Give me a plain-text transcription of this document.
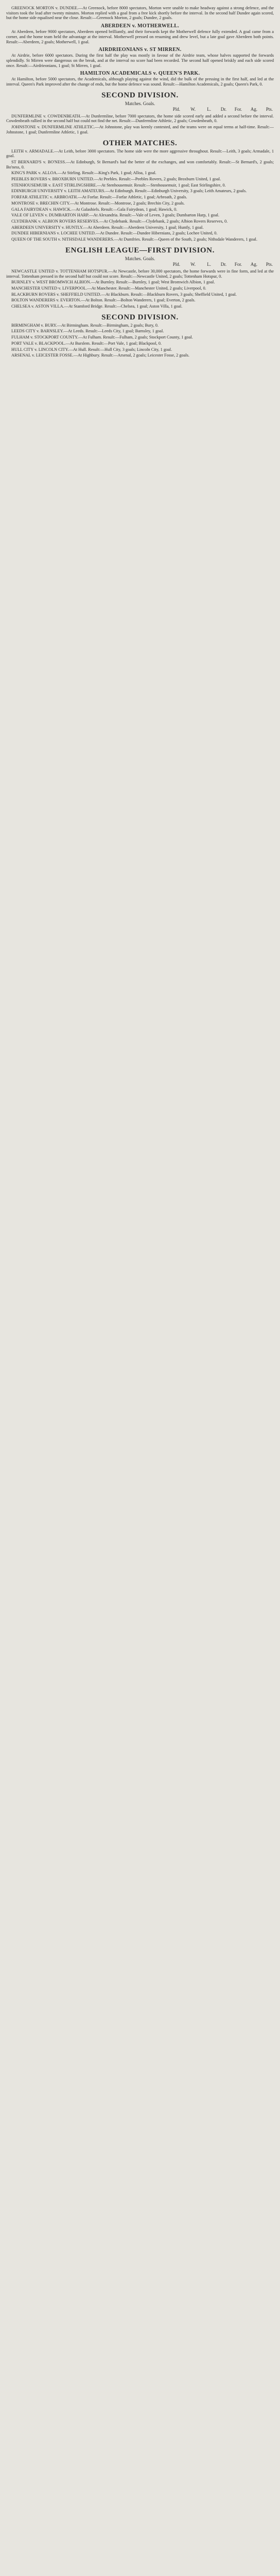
GREENOCK MORTON v. DUNDEE.—At Greenock, before 8000 spectators, Morton were unable to make headway against a strong defence, and the visitors took the lead after twenty minutes. Morton replied with a goal from a free kick shortly before the interval. In the second half Dundee again scored, but the home side equalised near the close. Result:—Greenock Morton, 2 goals; Dundee, 2 goals.
ABERDEEN v. MOTHERWELL.
At Aberdeen, before 9000 spectators, Aberdeen opened brilliantly, and their forwards kept the Motherwell defence fully extended. A goal came from a corner, and the home team held the advantage at the interval. Motherwell pressed on resuming and drew level, but a late goal gave Aberdeen both points. Result:—Aberdeen, 2 goals; Motherwell, 1 goal.
AIRDRIEONIANS v. ST MIRREN.
At Airdrie, before 6000 spectators. During the first half the play was mostly in favour of the Airdrie team, whose halves supported the forwards splendidly. St Mirren were dangerous on the break, and at the interval no score had been recorded. The second half opened briskly and each side scored once. Result:—Airdrieonians, 1 goal; St Mirren, 1 goal.
HAMILTON ACADEMICALS v. QUEEN'S PARK.
At Hamilton, before 5000 spectators, the Academicals, although playing against the wind, did the bulk of the pressing in the first half, and led at the interval. Queen's Park improved after the change of ends, but the home defence was sound. Result:—Hamilton Academicals, 2 goals; Queen's Park, 0.
SECOND DIVISION.
Matches. Goals.
	Pld.	W.	L.	Dr.	For.	Ag.	Pts.
DUNFERMLINE v. COWDENBEATH.—At Dunfermline, before 7000 spectators, the home side scored early and added a second before the interval. Cowdenbeath rallied in the second half but could not find the net. Result:—Dunfermline Athletic, 2 goals; Cowdenbeath, 0.
JOHNSTONE v. DUNFERMLINE ATHLETIC.—At Johnstone, play was keenly contested, and the teams were on equal terms at half-time. Result:—Johnstone, 1 goal; Dunfermline Athletic, 1 goal.
OTHER MATCHES.
LEITH v. ARMADALE.—At Leith, before 3000 spectators. The home side were the more aggressive throughout. Result:—Leith, 3 goals; Armadale, 1 goal.
ST BERNARD'S v. BO'NESS.—At Edinburgh, St Bernard's had the better of the exchanges, and won comfortably. Result:—St Bernard's, 2 goals; Bo'ness, 0.
KING'S PARK v. ALLOA.—At Stirling. Result:—King's Park, 1 goal; Alloa, 1 goal.
PEEBLES ROVERS v. BROXBURN UNITED.—At Peebles. Result:—Peebles Rovers, 2 goals; Broxburn United, 1 goal.
STENHOUSEMUIR v. EAST STIRLINGSHIRE.—At Stenhousemuir. Result:—Stenhousemuir, 1 goal; East Stirlingshire, 0.
EDINBURGH UNIVERSITY v. LEITH AMATEURS.—At Edinburgh. Result:—Edinburgh University, 3 goals; Leith Amateurs, 2 goals.
FORFAR ATHLETIC v. ARBROATH.—At Forfar. Result:—Forfar Athletic, 1 goal; Arbroath, 2 goals.
MONTROSE v. BRECHIN CITY.—At Montrose. Result:—Montrose, 2 goals; Brechin City, 2 goals.
GALA FAIRYDEAN v. HAWICK.—At Galashiels. Result:—Gala Fairydean, 1 goal; Hawick, 0.
VALE OF LEVEN v. DUMBARTON HARP.—At Alexandria. Result:—Vale of Leven, 3 goals; Dumbarton Harp, 1 goal.
CLYDEBANK v. ALBION ROVERS RESERVES.—At Clydebank. Result:—Clydebank, 2 goals; Albion Rovers Reserves, 0.
ABERDEEN UNIVERSITY v. HUNTLY.—At Aberdeen. Result:—Aberdeen University, 1 goal; Huntly, 1 goal.
DUNDEE HIBERNIANS v. LOCHEE UNITED.—At Dundee. Result:—Dundee Hibernians, 2 goals; Lochee United, 0.
QUEEN OF THE SOUTH v. NITHSDALE WANDERERS.—At Dumfries. Result:—Queen of the South, 2 goals; Nithsdale Wanderers, 1 goal.
ENGLISH LEAGUE—FIRST DIVISION.
Matches. Goals.
	Pld.	W.	L.	Dr.	For.	Ag.	Pts.
NEWCASTLE UNITED v. TOTTENHAM HOTSPUR.—At Newcastle, before 30,000 spectators, the home forwards were in fine form, and led at the interval. Tottenham pressed in the second half but could not score. Result:—Newcastle United, 2 goals; Tottenham Hotspur, 0.
BURNLEY v. WEST BROMWICH ALBION.—At Burnley. Result:—Burnley, 1 goal; West Bromwich Albion, 1 goal.
MANCHESTER UNITED v. LIVERPOOL.—At Manchester. Result:—Manchester United, 2 goals; Liverpool, 0.
BLACKBURN ROVERS v. SHEFFIELD UNITED.—At Blackburn. Result:—Blackburn Rovers, 3 goals; Sheffield United, 1 goal.
BOLTON WANDERERS v. EVERTON.—At Bolton. Result:—Bolton Wanderers, 1 goal; Everton, 2 goals.
CHELSEA v. ASTON VILLA.—At Stamford Bridge. Result:—Chelsea, 1 goal; Aston Villa, 1 goal.
SECOND DIVISION.
BIRMINGHAM v. BURY.—At Birmingham. Result:—Birmingham, 2 goals; Bury, 0.
LEEDS CITY v. BARNSLEY.—At Leeds. Result:—Leeds City, 1 goal; Barnsley, 1 goal.
FULHAM v. STOCKPORT COUNTY.—At Fulham. Result:—Fulham, 2 goals; Stockport County, 1 goal.
PORT VALE v. BLACKPOOL.—At Burslem. Result:—Port Vale, 1 goal; Blackpool, 0.
HULL CITY v. LINCOLN CITY.—At Hull. Result:—Hull City, 3 goals; Lincoln City, 1 goal.
ARSENAL v. LEICESTER FOSSE.—At Highbury. Result:—Arsenal, 2 goals; Leicester Fosse, 2 goals.
